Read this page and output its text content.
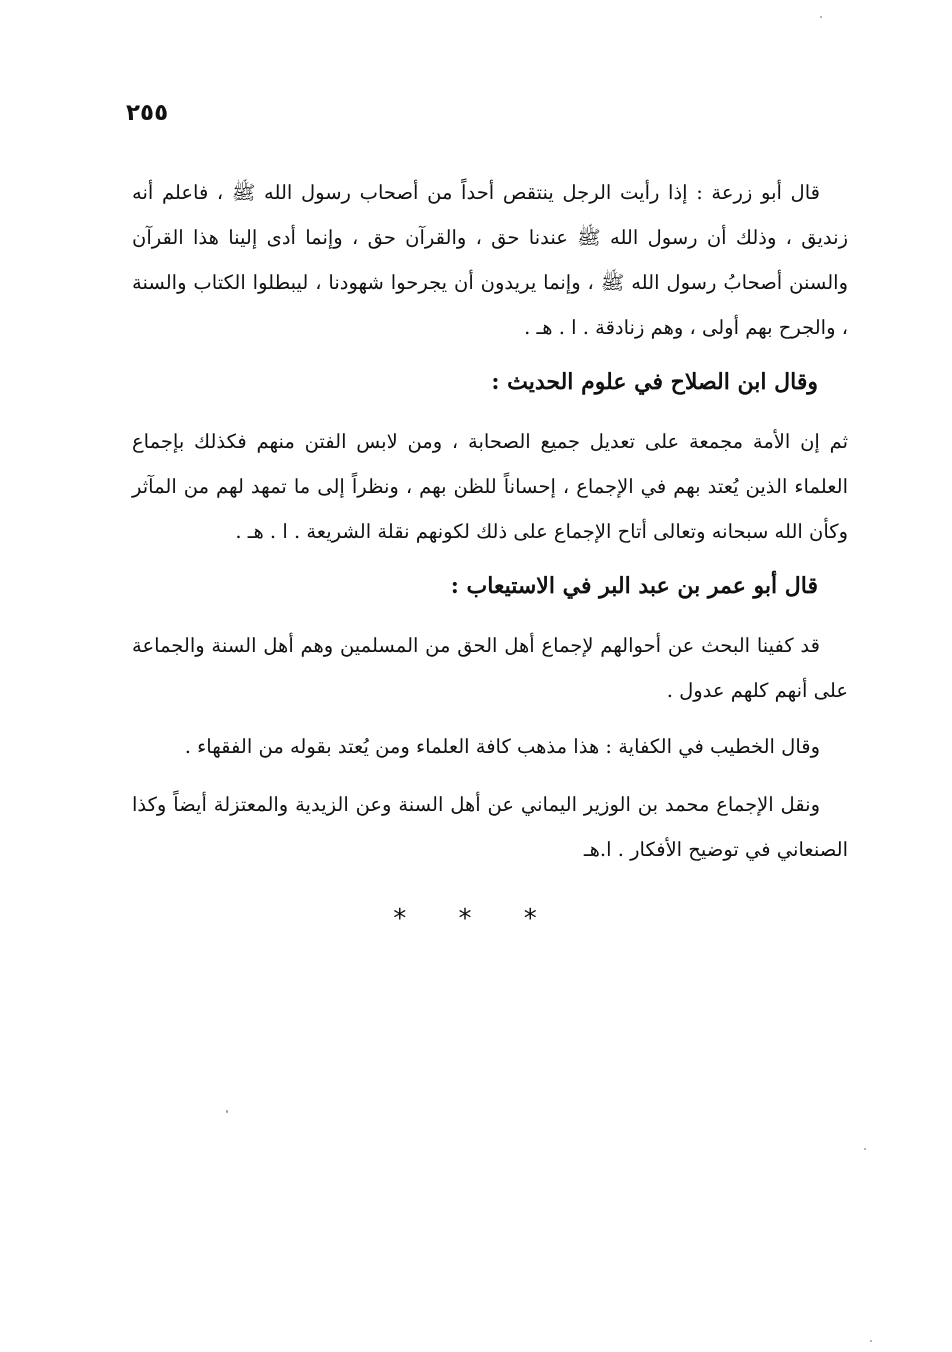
٢٥٥
قال أبو زرعة : إذا رأيت الرجل ينتقص أحداً من أصحاب رسول الله ﷺ ، فاعلم أنه زنديق ، وذلك أن رسول الله ﷺ عندنا حق ، والقرآن حق ، وإنما أدى إلينا هذا القرآن والسنن أصحابُ رسول الله ﷺ ، وإنما يريدون أن يجرحوا شهودنا ، ليبطلوا الكتاب والسنة ، والجرح بهم أولى ، وهم زنادقة . ا . هـ .
وقال ابن الصلاح في علوم الحديث :
ثم إن الأمة مجمعة على تعديل جميع الصحابة ، ومن لابس الفتن منهم فكذلك بإجماع العلماء الذين يُعتد بهم في الإجماع ، إحساناً للظن بهم ، ونظراً إلى ما تمهد لهم من المآثر وكأن الله سبحانه وتعالى أتاح الإجماع على ذلك لكونهم نقلة الشريعة . ا . هـ .
قال أبو عمر بن عبد البر في الاستيعاب :
قد كفينا البحث عن أحوالهم لإجماع أهل الحق من المسلمين وهم أهل السنة والجماعة على أنهم كلهم عدول .
وقال الخطيب في الكفاية : هذا مذهب كافة العلماء ومن يُعتد بقوله من الفقهاء .
ونقل الإجماع محمد بن الوزير اليماني عن أهل السنة وعن الزيدية والمعتزلة أيضاً وكذا الصنعاني في توضيح الأفكار . ا.هـ
* * *
